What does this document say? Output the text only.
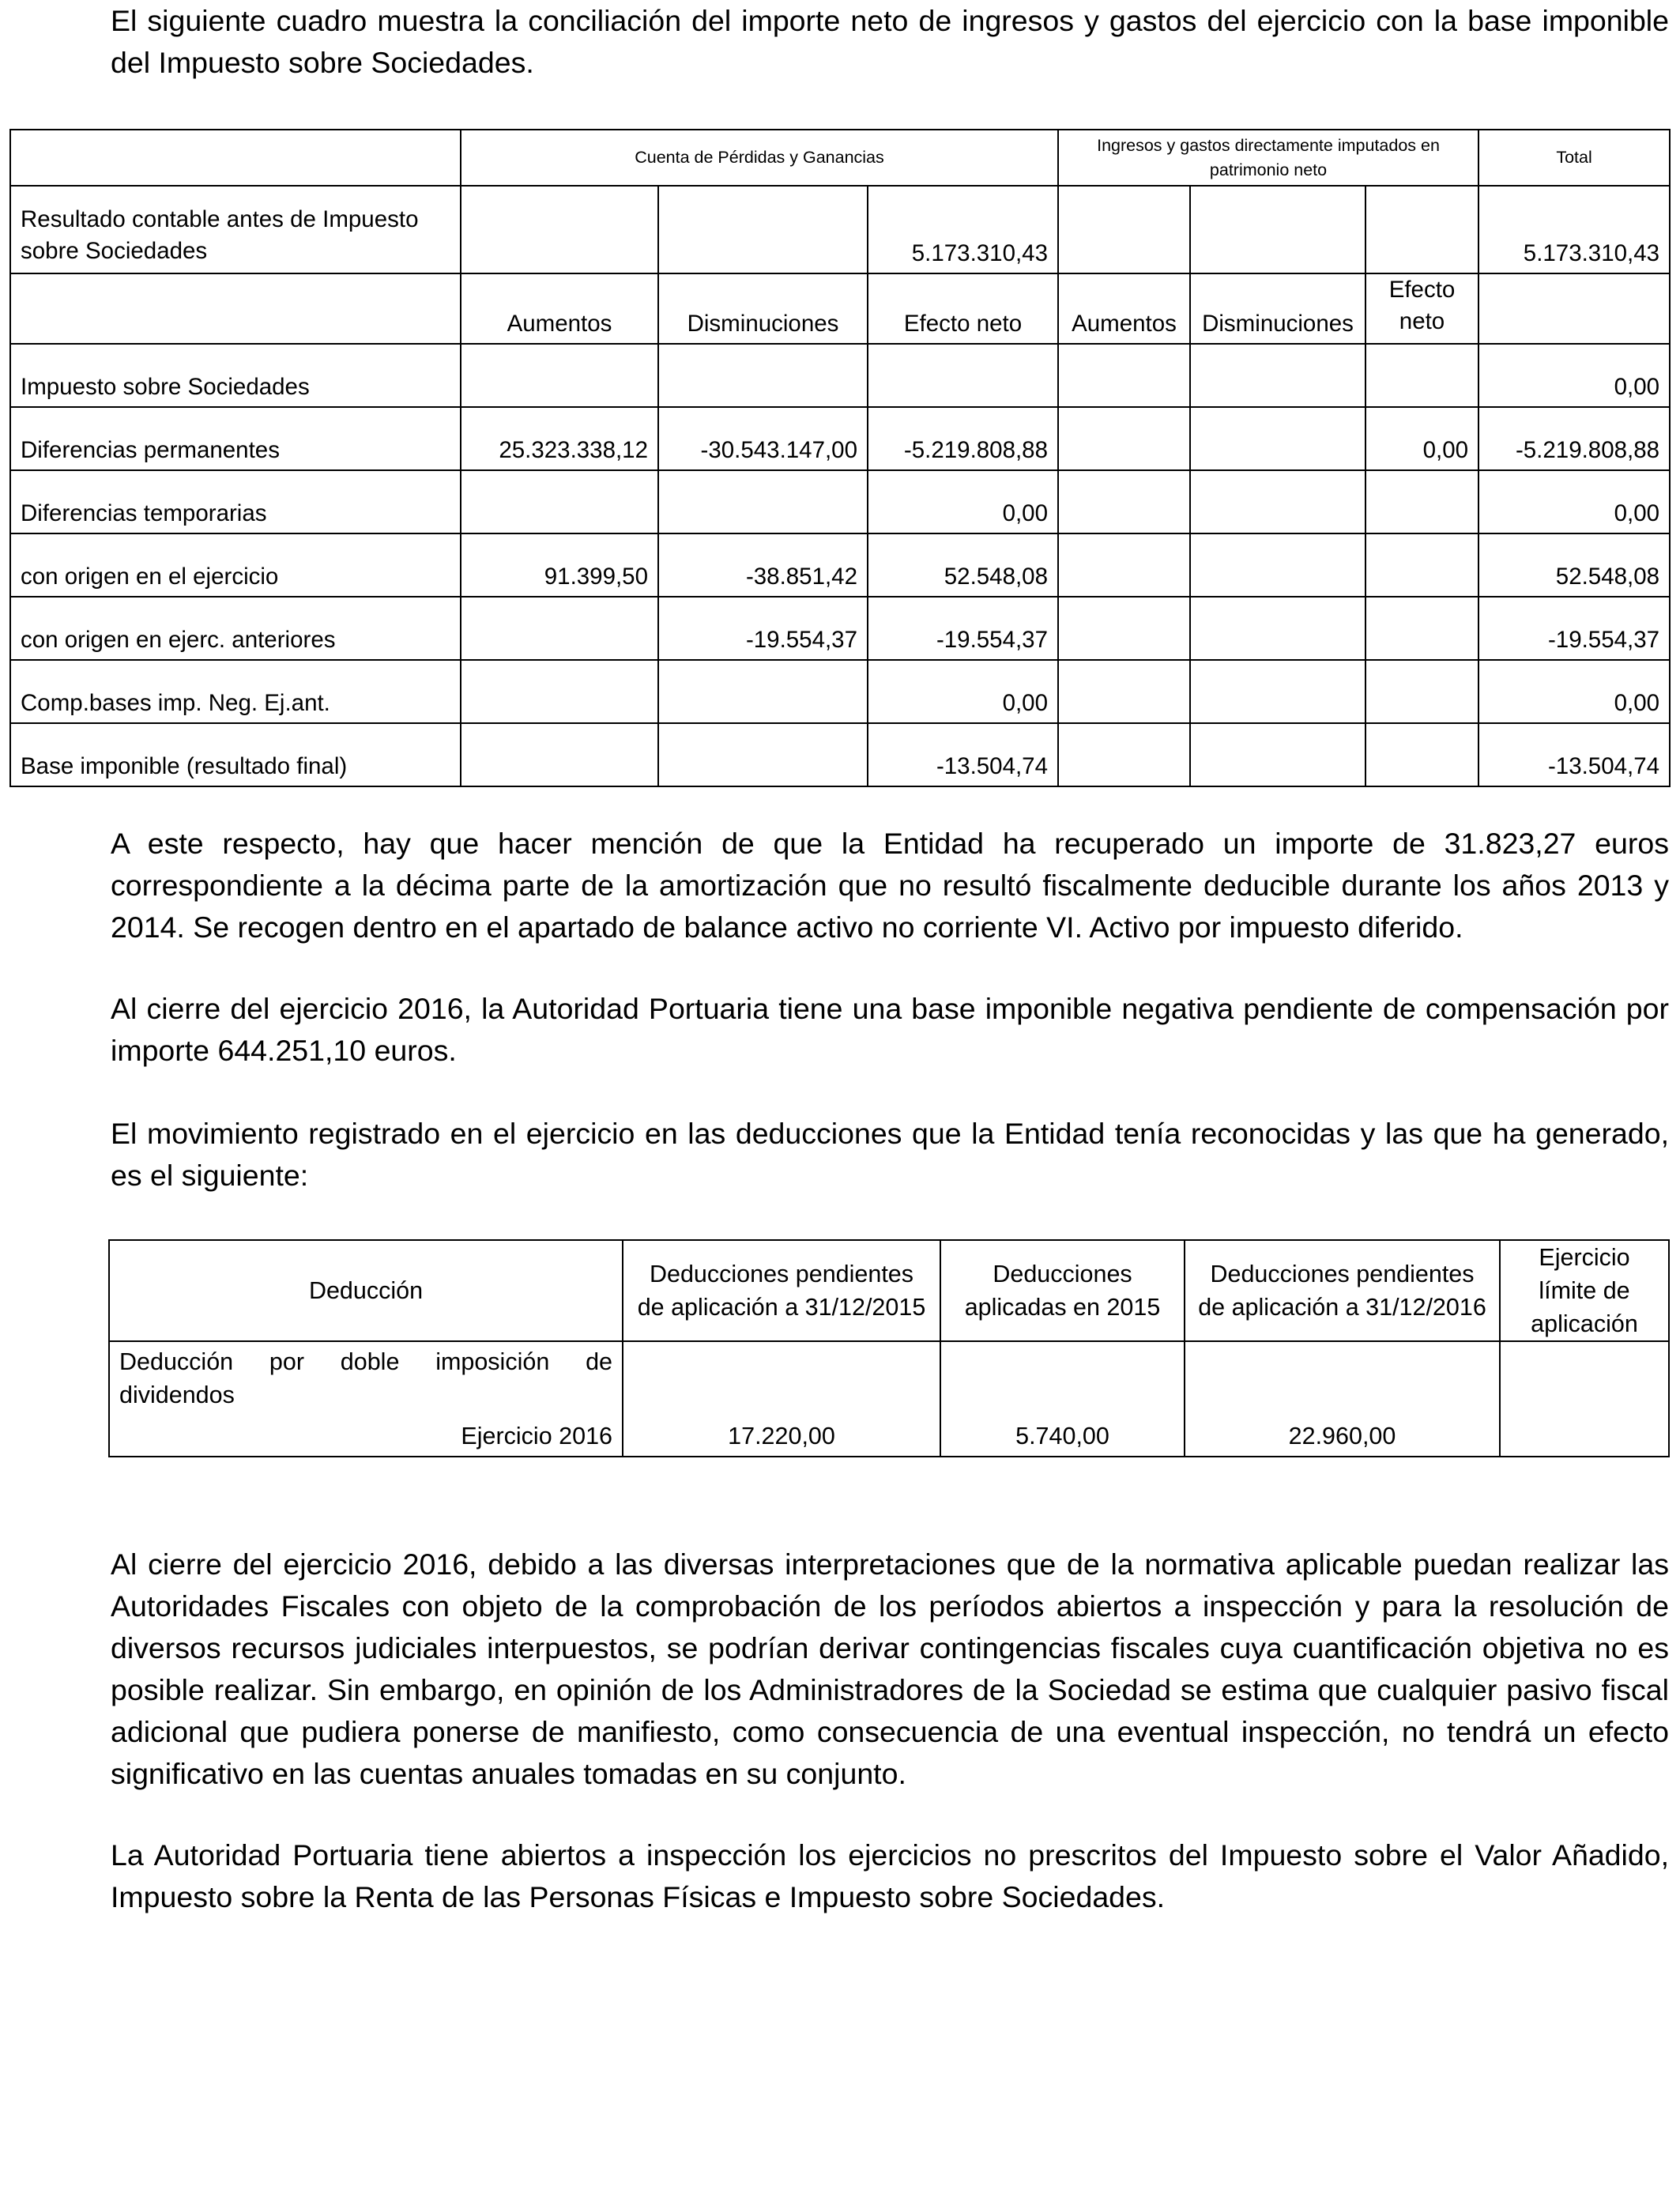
El siguiente cuadro muestra la conciliación del importe neto de ingresos y gastos del ejercicio con la base imponible del Impuesto sobre Sociedades.

	Cuenta de Pérdidas y Ganancias			Ingresos y gastos directamente imputados en patrimonio neto			Total
Resultado contable antes de Impuesto sobre Sociedades			5.173.310,43				5.173.310,43
	Aumentos	Disminuciones	Efecto neto	Aumentos	Disminuciones	Efecto neto	
Impuesto sobre Sociedades							0,00
Diferencias permanentes	25.323.338,12	-30.543.147,00	-5.219.808,88			0,00	-5.219.808,88
Diferencias temporarias			0,00				0,00
con origen en el ejercicio	91.399,50	-38.851,42	52.548,08				52.548,08
con origen en ejerc. anteriores		-19.554,37	-19.554,37				-19.554,37
Comp.bases imp. Neg. Ej.ant.			0,00				0,00
Base imponible (resultado final)			-13.504,74				-13.504,74

A este respecto, hay que hacer mención de que la Entidad ha recuperado un importe de 31.823,27 euros correspondiente a la décima parte de la amortización que no resultó fiscalmente deducible durante los años 2013 y 2014. Se recogen dentro en el apartado de balance activo no corriente VI. Activo por impuesto diferido.

Al cierre del ejercicio 2016, la Autoridad Portuaria tiene una base imponible negativa pendiente de compensación por importe 644.251,10 euros.

El movimiento registrado en el ejercicio en las deducciones que la Entidad tenía reconocidas y las que ha generado, es el siguiente:

Deducción	Deducciones pendientes de aplicación a 31/12/2015	Deducciones aplicadas en 2015	Deducciones pendientes de aplicación a 31/12/2016	Ejercicio límite de aplicación

Deducción por doble imposición de
dividendos				

Ejercicio 2016	17.220,00	5.740,00	22.960,00	

Al cierre del ejercicio 2016, debido a las diversas interpretaciones que de la normativa aplicable puedan realizar las Autoridades Fiscales con objeto de la comprobación de los períodos abiertos a inspección y para la resolución de diversos recursos judiciales interpuestos, se podrían derivar contingencias fiscales cuya cuantificación objetiva no es posible realizar. Sin embargo, en opinión de los Administradores de la Sociedad se estima que cualquier pasivo fiscal adicional que pudiera ponerse de manifiesto, como consecuencia de una eventual inspección, no tendrá un efecto significativo en las cuentas anuales tomadas en su conjunto.

La Autoridad Portuaria tiene abiertos a inspección los ejercicios no prescritos del Impuesto sobre el Valor Añadido, Impuesto sobre la Renta de las Personas Físicas e Impuesto sobre Sociedades.
